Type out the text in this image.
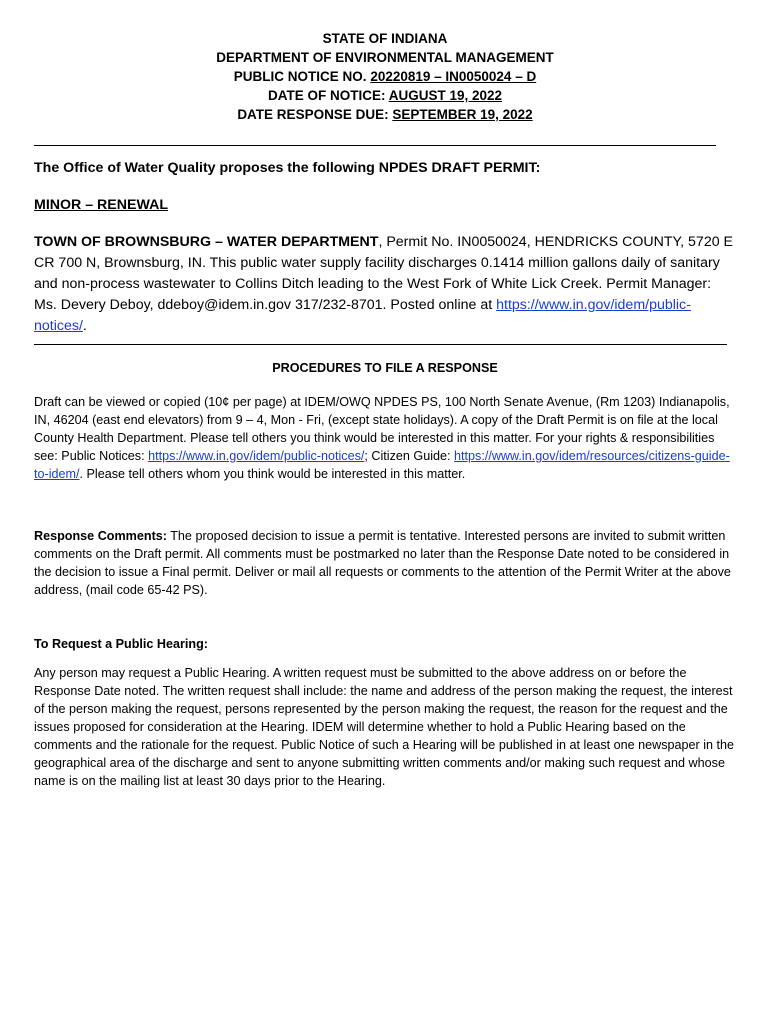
STATE OF INDIANA
DEPARTMENT OF ENVIRONMENTAL MANAGEMENT
PUBLIC NOTICE NO. 20220819 – IN0050024 – D
DATE OF NOTICE: AUGUST 19, 2022
DATE RESPONSE DUE: SEPTEMBER 19, 2022
The Office of Water Quality proposes the following NPDES DRAFT PERMIT:
MINOR – RENEWAL
TOWN OF BROWNSBURG – WATER DEPARTMENT, Permit No. IN0050024, HENDRICKS COUNTY, 5720 E CR 700 N, Brownsburg, IN. This public water supply facility discharges 0.1414 million gallons daily of sanitary and non-process wastewater to Collins Ditch leading to the West Fork of White Lick Creek. Permit Manager: Ms. Devery Deboy, ddeboy@idem.in.gov 317/232-8701. Posted online at https://www.in.gov/idem/public-notices/.
PROCEDURES TO FILE A RESPONSE
Draft can be viewed or copied (10¢ per page) at IDEM/OWQ NPDES PS, 100 North Senate Avenue, (Rm 1203) Indianapolis, IN, 46204 (east end elevators) from 9 – 4, Mon - Fri, (except state holidays). A copy of the Draft Permit is on file at the local County Health Department. Please tell others you think would be interested in this matter. For your rights & responsibilities see: Public Notices: https://www.in.gov/idem/public-notices/; Citizen Guide: https://www.in.gov/idem/resources/citizens-guide-to-idem/. Please tell others whom you think would be interested in this matter.
Response Comments: The proposed decision to issue a permit is tentative. Interested persons are invited to submit written comments on the Draft permit. All comments must be postmarked no later than the Response Date noted to be considered in the decision to issue a Final permit. Deliver or mail all requests or comments to the attention of the Permit Writer at the above address, (mail code 65-42 PS).
To Request a Public Hearing:
Any person may request a Public Hearing. A written request must be submitted to the above address on or before the Response Date noted. The written request shall include: the name and address of the person making the request, the interest of the person making the request, persons represented by the person making the request, the reason for the request and the issues proposed for consideration at the Hearing. IDEM will determine whether to hold a Public Hearing based on the comments and the rationale for the request. Public Notice of such a Hearing will be published in at least one newspaper in the geographical area of the discharge and sent to anyone submitting written comments and/or making such request and whose name is on the mailing list at least 30 days prior to the Hearing.
